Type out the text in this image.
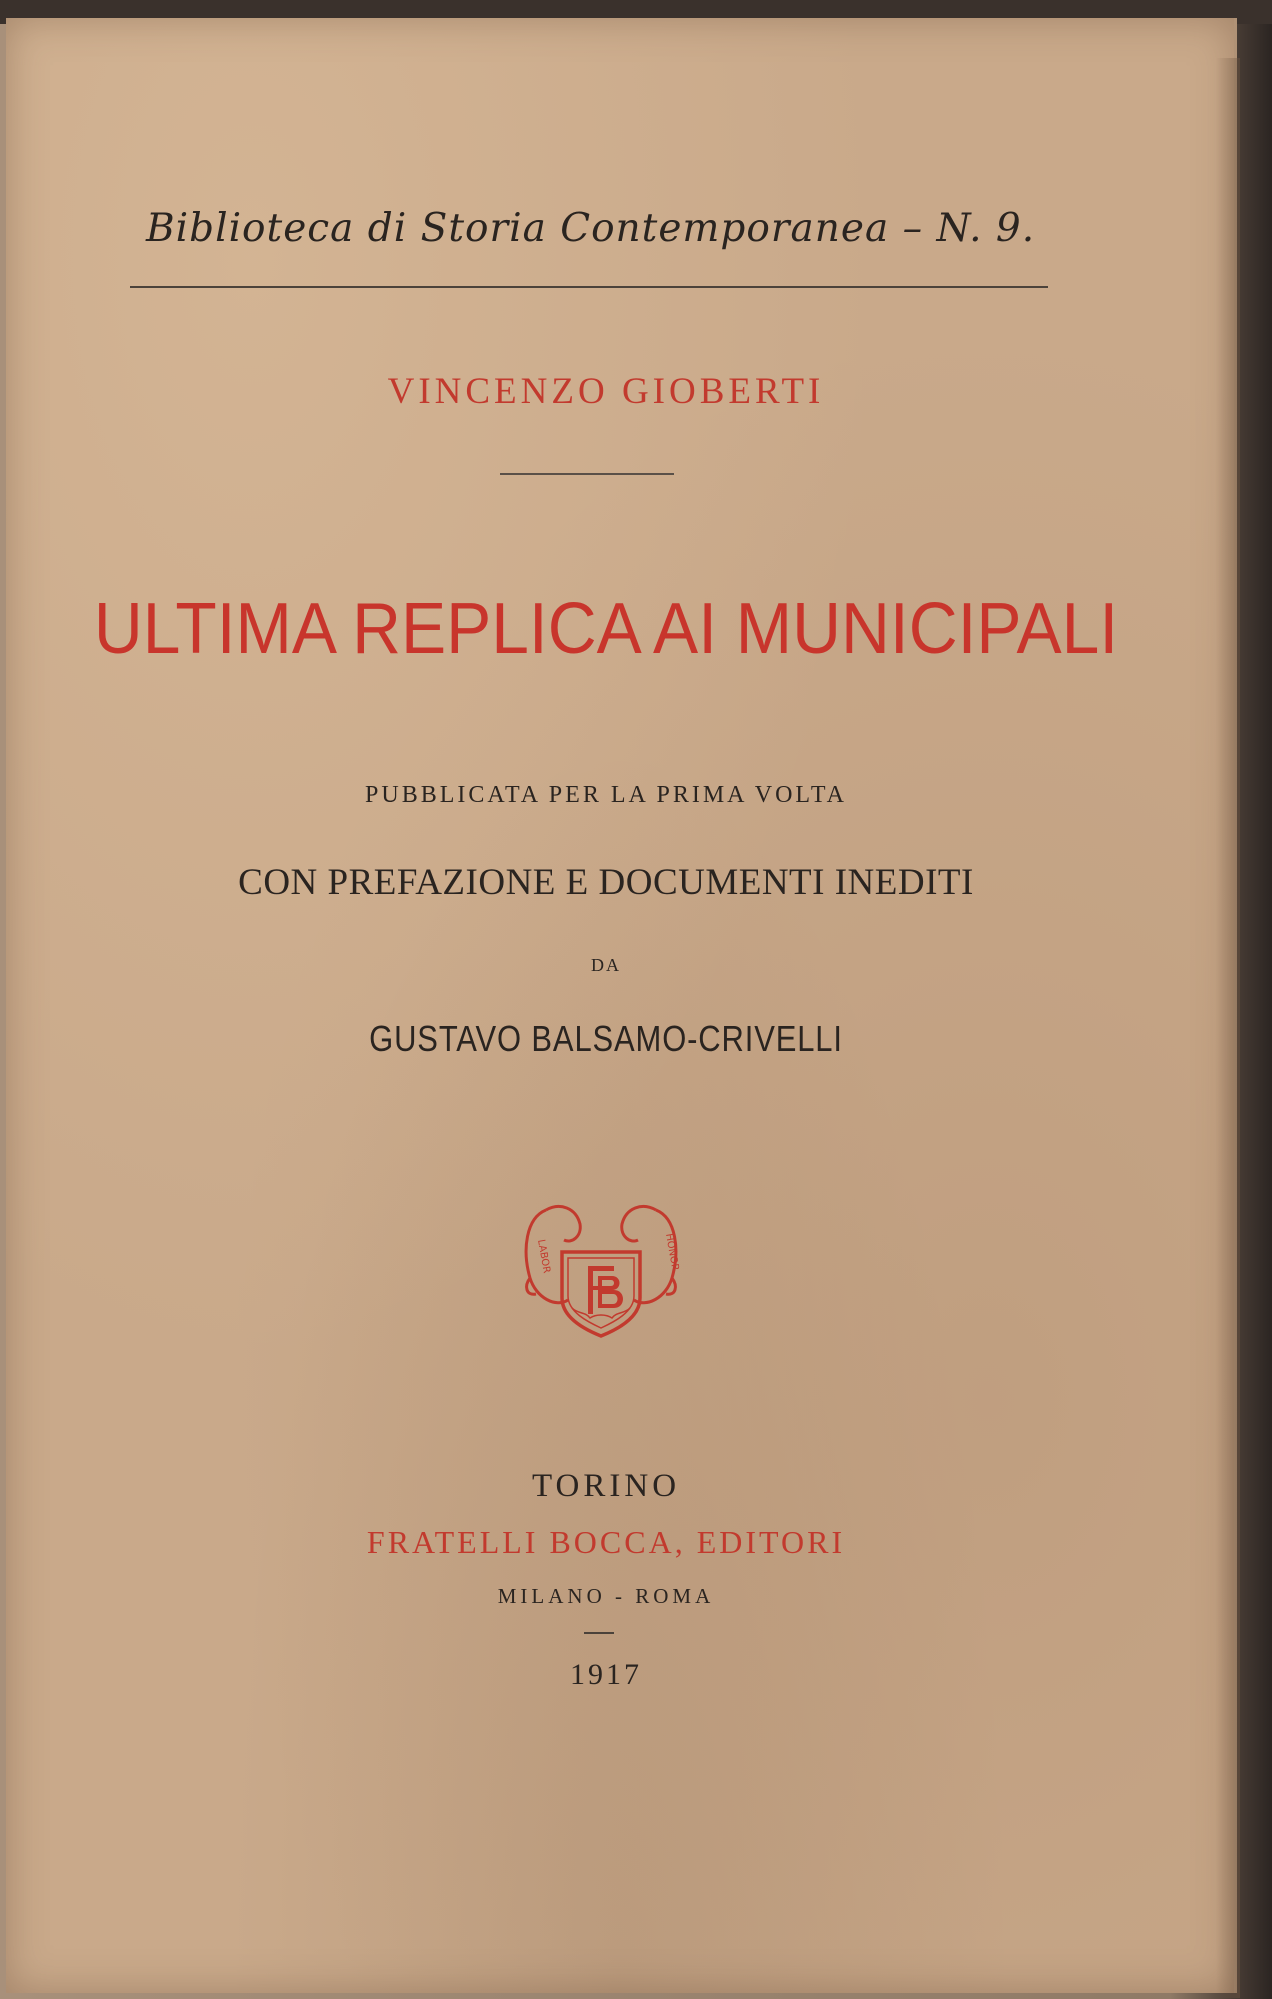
Biblioteca di Storia Contemporanea – N. 9.

VINCENZO GIOBERTI

ULTIMA REPLICA AI MUNICIPALI

PUBBLICATA PER LA PRIMA VOLTA

CON PREFAZIONE E DOCUMENTI INEDITI

DA

GUSTAVO BALSAMO-CRIVELLI

LABOR	HONOR

TORINO

FRATELLI BOCCA, EDITORI

MILANO - ROMA

1917
